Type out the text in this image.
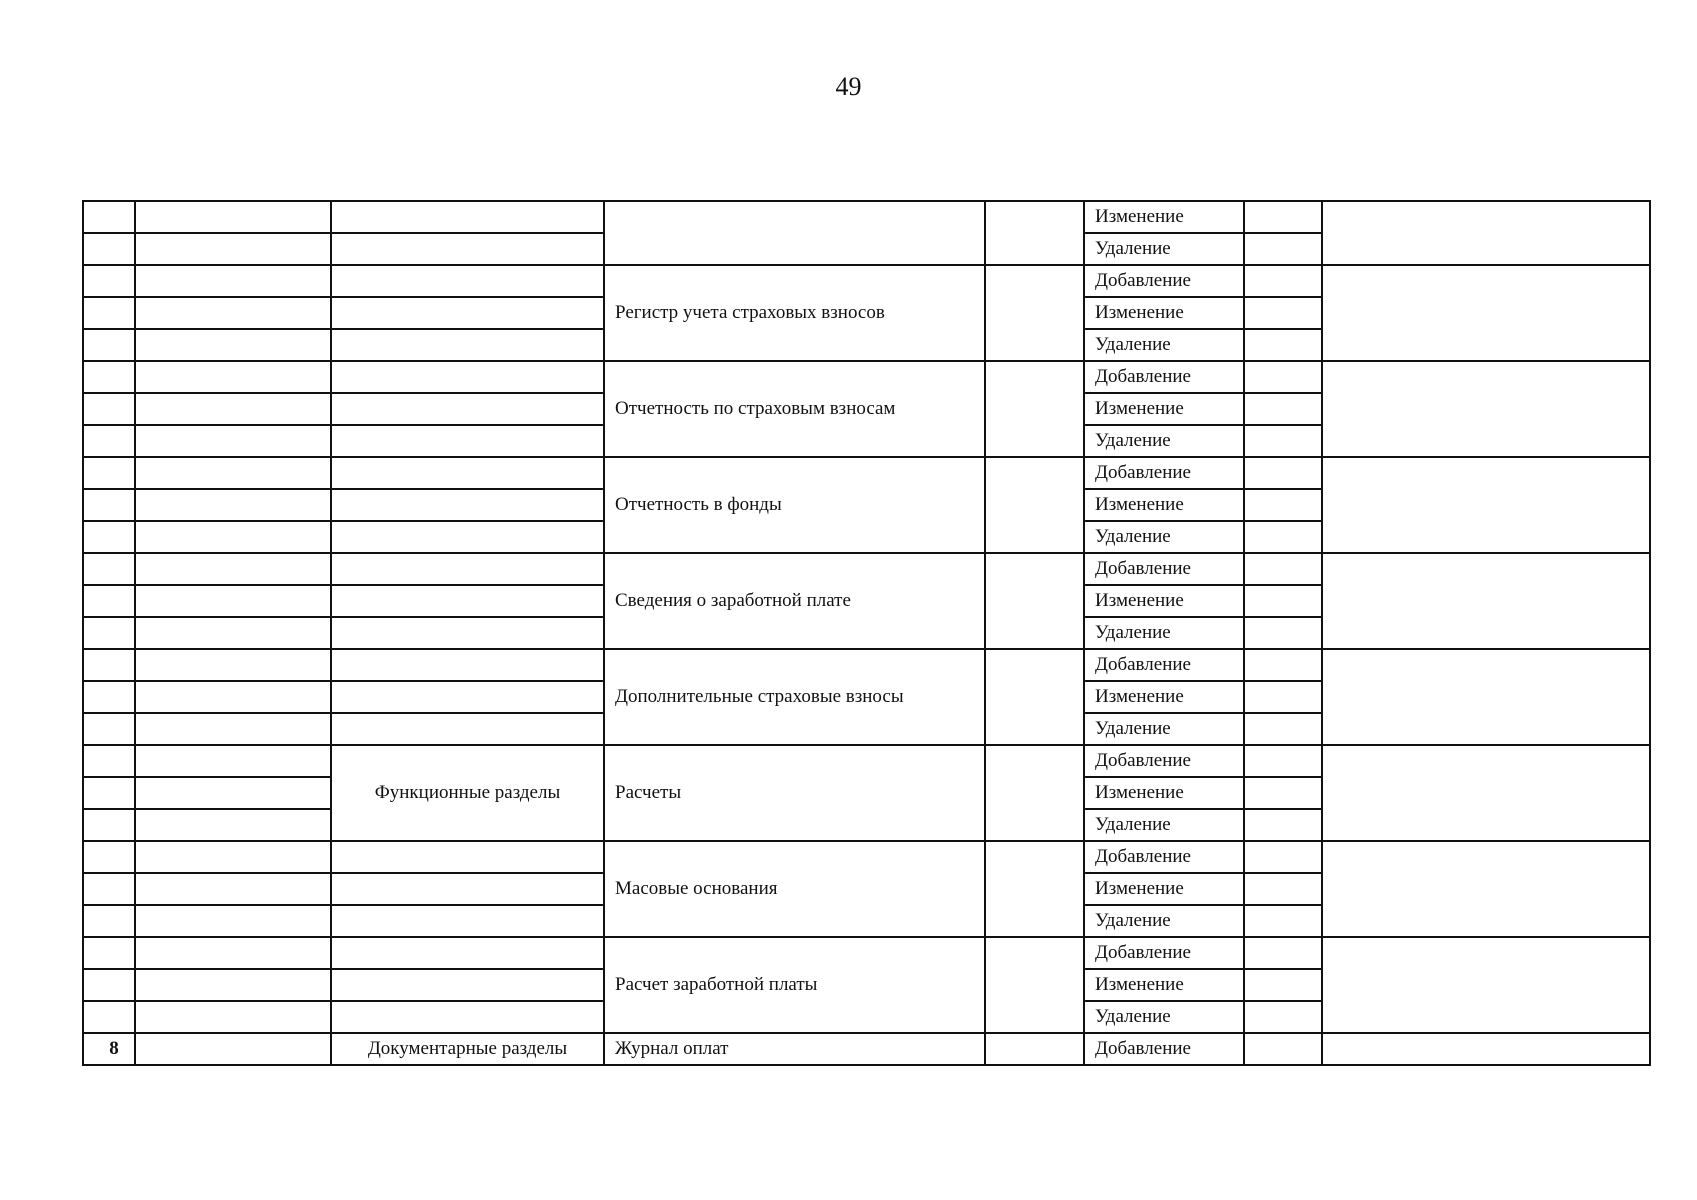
49
					Изменение		
					Удаление		
			Регистр учета страховых взносов		Добавление		
					Изменение		
					Удаление		
			Отчетность по страховым взносам		Добавление		
					Изменение		
					Удаление		
			Отчетность в фонды		Добавление		
					Изменение		
					Удаление		
			Сведения о заработной плате		Добавление		
					Изменение		
					Удаление		
			Дополнительные страховые взносы		Добавление		
					Изменение		
					Удаление		
		Функционные разделы	Расчеты		Добавление		
					Изменение		
					Удаление		
			Масовые основания		Добавление		
					Изменение		
					Удаление		
			Расчет заработной платы		Добавление		
					Изменение		
					Удаление		
8		Документарные разделы	Журнал оплат		Добавление		
